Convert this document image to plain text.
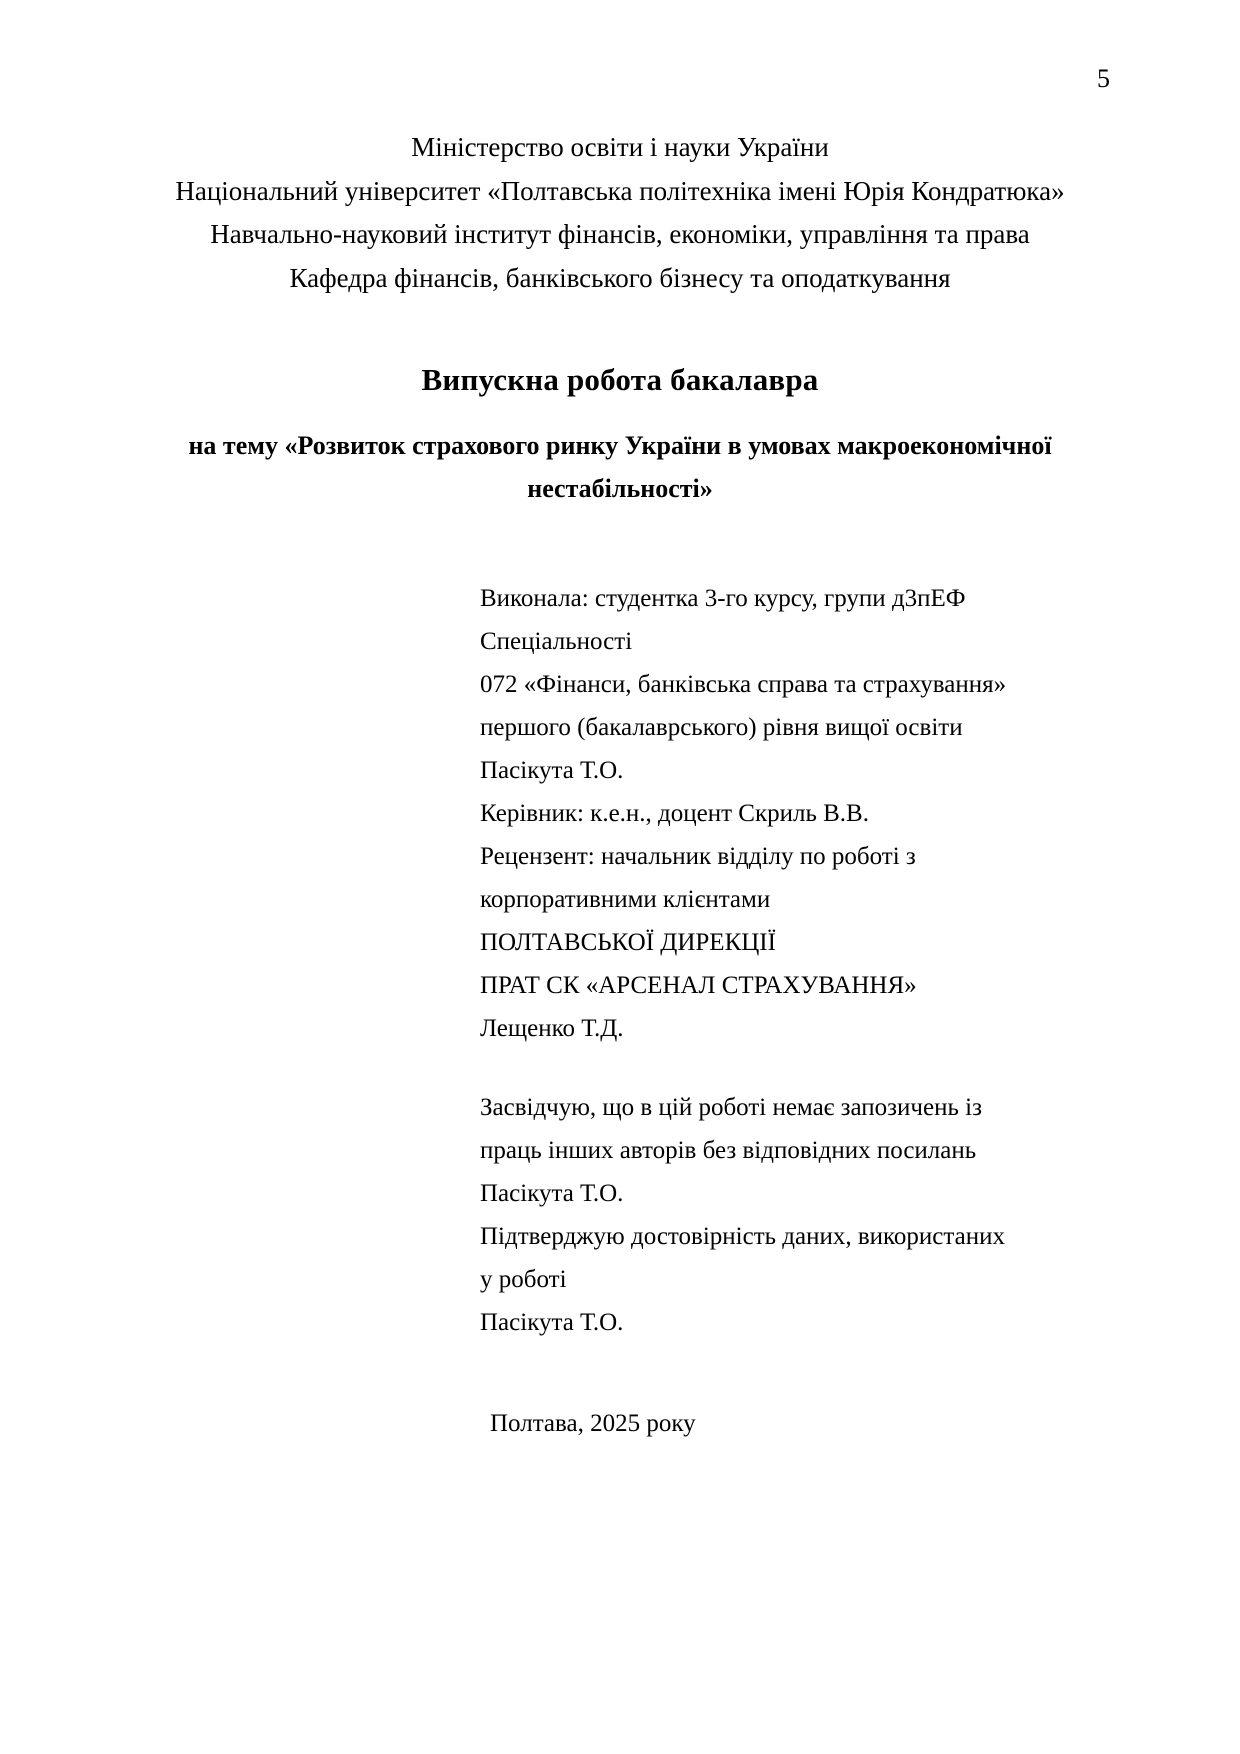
5
Міністерство освіти і науки України
Національний університет «Полтавська політехніка імені Юрія Кондратюка»
Навчально-науковий інститут фінансів, економіки, управління та права
Кафедра фінансів, банківського бізнесу та оподаткування
Випускна робота бакалавра
на тему «Розвиток страхового ринку України в умовах макроекономічної нестабільності»
Виконала: студентка 3-го курсу, групи д3пЕФ
Спеціальності
072 «Фінанси, банківська справа та страхування»
першого (бакалаврського) рівня вищої освіти
Пасікута Т.О.
Керівник: к.е.н., доцент Скриль В.В.
Рецензент: начальник відділу по роботі з
корпоративними клієнтами
ПОЛТАВСЬКОЇ ДИРЕКЦІЇ
ПРАТ СК «АРСЕНАЛ СТРАХУВАННЯ»
Лещенко Т.Д.
Засвідчую, що в цій роботі немає запозичень із
праць інших авторів без відповідних посилань
Пасікута Т.О.
Підтверджую достовірність даних, використаних
у роботі
Пасікута Т.О.
Полтава, 2025 року
